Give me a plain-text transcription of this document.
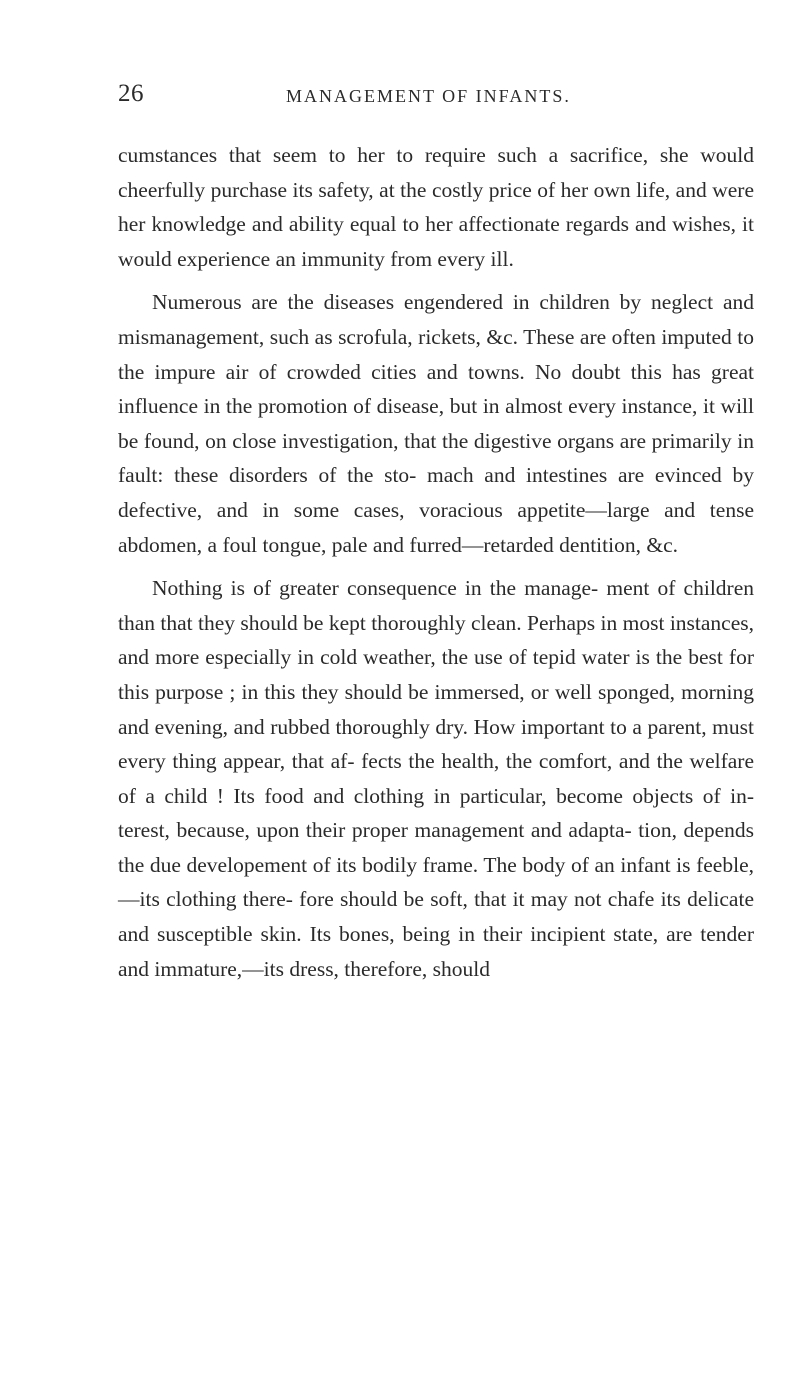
26	MANAGEMENT OF INFANTS.

cumstances that seem to her to require such a sacrifice, she would cheerfully purchase its safety, at the costly price of her own life, and were her knowledge and ability equal to her affectionate regards and wishes, it would experience an immunity from every ill.

Numerous are the diseases engendered in children by neglect and mismanagement, such as scrofula, rickets, &c. These are often imputed to the impure air of crowded cities and towns. No doubt this has great influence in the promotion of disease, but in almost every instance, it will be found, on close investigation, that the digestive organs are primarily in fault: these disorders of the sto- mach and intestines are evinced by defective, and in some cases, voracious appetite—large and tense abdomen, a foul tongue, pale and furred—retarded dentition, &c.

Nothing is of greater consequence in the manage- ment of children than that they should be kept thoroughly clean. Perhaps in most instances, and more especially in cold weather, the use of tepid water is the best for this purpose ; in this they should be immersed, or well sponged, morning and evening, and rubbed thoroughly dry. How important to a parent, must every thing appear, that af- fects the health, the comfort, and the welfare of a child ! Its food and clothing in particular, become objects of in- terest, because, upon their proper management and adapta- tion, depends the due developement of its bodily frame. The body of an infant is feeble,—its clothing there- fore should be soft, that it may not chafe its delicate and susceptible skin. Its bones, being in their incipient state, are tender and immature,—its dress, therefore, should
